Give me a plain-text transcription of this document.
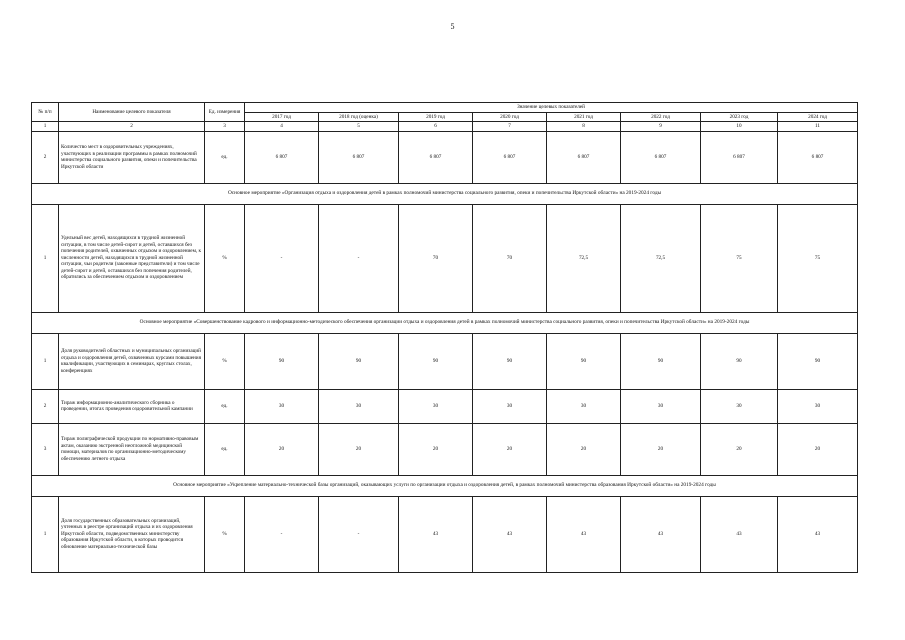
5
№ п/п	Наименование целевого показателя	Ед. измерения	Значение целевых показателей							
			2017 год	2018 год (оценка)	2019 год	2020 год	2021 год	2022 год	2023 год	2024 год
1	2	3	4	5	6	7	8	9	10	11
2	Количество мест в оздоровительных учреждениях, участвующих в реализации программы в рамках полномочий министерства социального развития, опеки и попечительства Иркутской области	ед.	6 807	6 807	6 807	6 807	6 807	6 807	6 807	6 807
Основное мероприятие «Организация отдыха и оздоровления детей в рамках полномочий министерства социального развития, опеки и попечительства Иркутской области» на 2019-2024 годы										
1	Удельный вес детей, находящихся в трудной жизненной ситуации, в том числе детей-сирот и детей, оставшихся без попечения родителей, охваченных отдыхом и оздоровлением, к численности детей, находящихся в трудной жизненной ситуации, чьи родители (законные представители) и том числе детей-сирот и детей, оставшихся без попечения родителей, обратились за обеспечением отдыхом и оздоровлением	%	-	-	70	70	72,5	72,5	75	75
Основное мероприятие «Совершенствование кадрового и информационно-методического обеспечения организации отдыха и оздоровления детей в рамках полномочий министерства социального развития, опеки и попечительства Иркутской области» на 2019-2024 годы										
1	Доля руководителей областных и муниципальных организаций отдыха и оздоровления детей, охваченных курсами повышения квалификации, участвующих в семинарах, круглых столах, конференциях	%	90	90	90	90	90	90	90	90
2	Тираж информационно-аналитического сборника о проведении, итогах проведения оздоровительной кампании	ед.	30	30	30	30	30	30	30	30
3	Тираж полиграфической продукции по нормативно-правовым актам, оказанию экстренной неотложной медицинской помощи, материалов по организационно-методическому обеспечению летнего отдыха	ед.	20	20	20	20	20	20	20	20
Основное мероприятие «Укрепление материально-технической базы организаций, оказывающих услуги по организации отдыха и оздоровления детей, в рамках полномочий министерства образования Иркутской области» на 2019-2024 годы										
1	Доля государственных образовательных организаций, учтенных в реестре организаций отдыха и их оздоровления Иркутской области, подведомственных министерству образования Иркутской области, в которых проводится обновление материально-технической базы	%	-	-	43	43	43	43	43	43
